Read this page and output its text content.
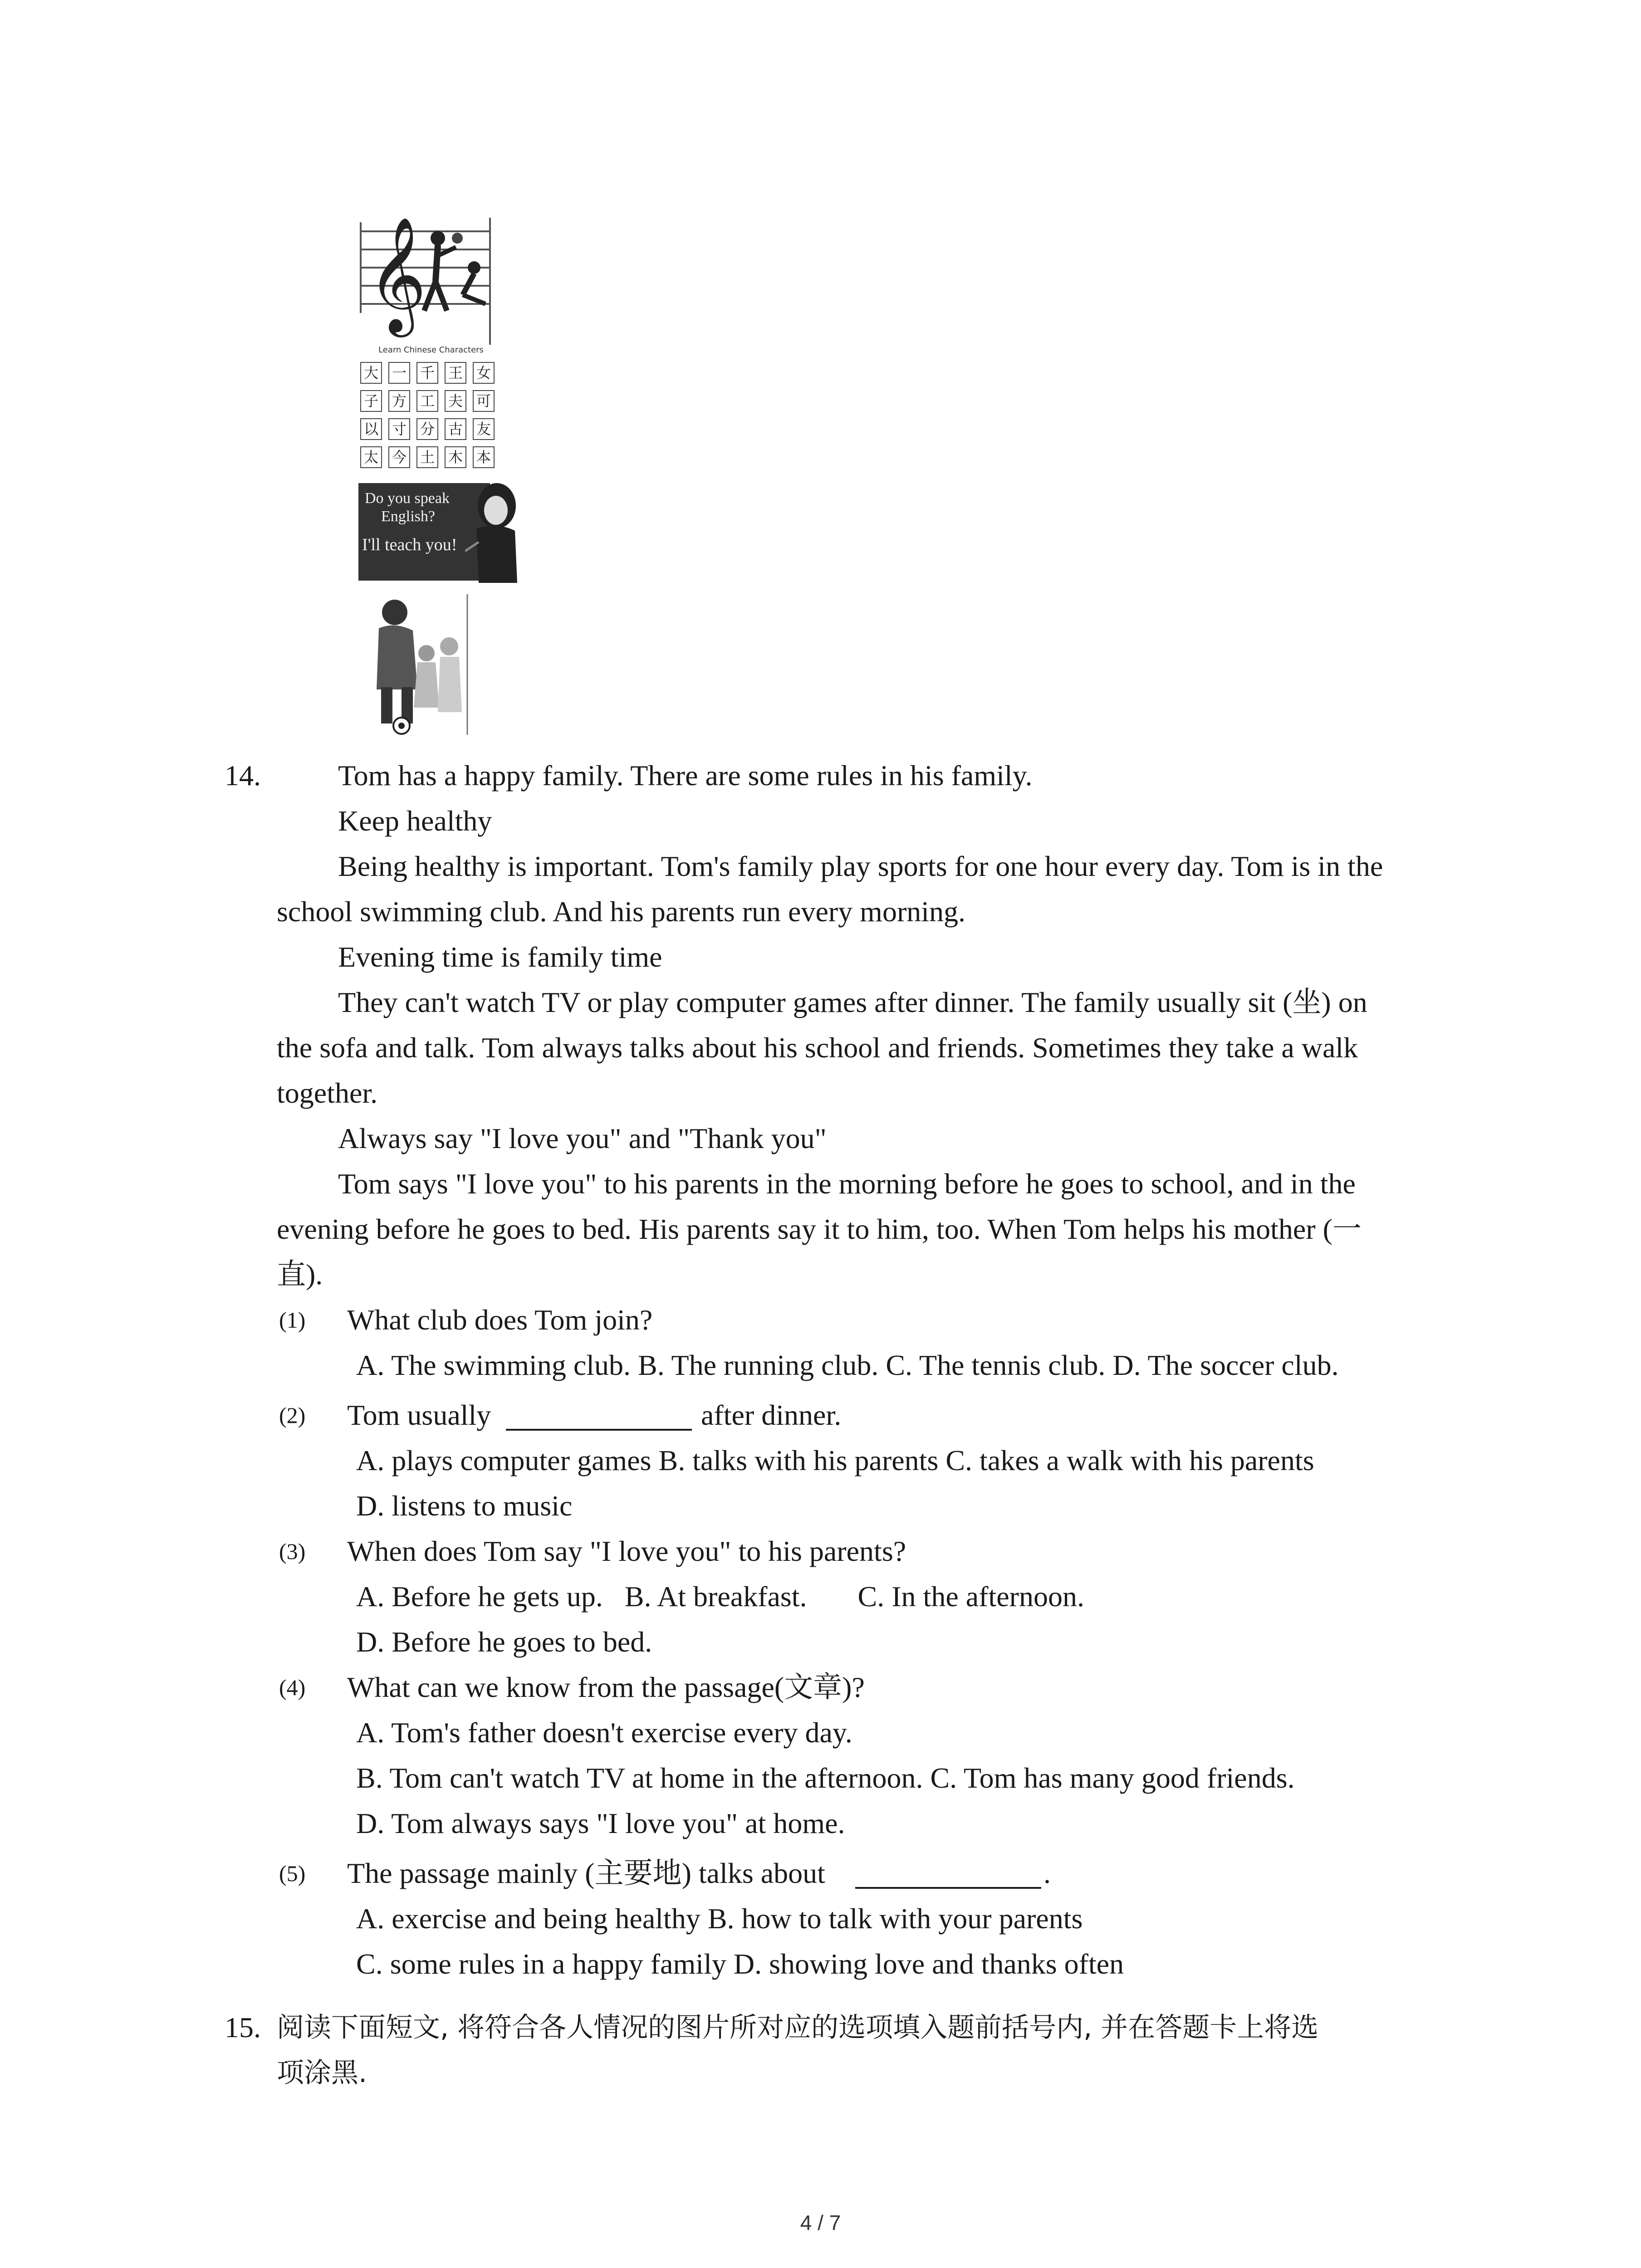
𝄞
Learn Chinese Characters
大 一 千 王 女
子 方 工 夫 可
以 寸 分 古 友
太 今 土 木 本
Do you speak
English?
I'll teach you!
14.	Tom has a happy family. There are some rules in his family.
Keep healthy
Being healthy is important. Tom's family play sports for one hour every day. Tom is in the
school swimming club. And his parents run every morning.
Evening time is family time
They can't watch TV or play computer games after dinner. The family usually sit (坐) on
the sofa and talk. Tom always talks about his school and friends. Sometimes they take a walk
together.
Always say "I love you" and "Thank you"
Tom says "I love you" to his parents in the morning before he goes to school, and in the
evening before he goes to bed. His parents say it to him, too. When Tom helps his mother (一
直).
(1) What club does Tom join?
A. The swimming club. B. The running club. C. The tennis club. D. The soccer club.
(2) Tom usually	after dinner.
A. plays computer games B. talks with his parents C. takes a walk with his parents
D. listens to music
(3) When does Tom say "I love you" to his parents?
A. Before he gets up.   B. At breakfast.       C. In the afternoon.
D. Before he goes to bed.
(4) What can we know from the passage(文章)?
A. Tom's father doesn't exercise every day.
B. Tom can't watch TV at home in the afternoon. C. Tom has many good friends.
D. Tom always says "I love you" at home.
(5) The passage mainly (主要地) talks about	.
A. exercise and being healthy B. how to talk with your parents
C. some rules in a happy family D. showing love and thanks often
15. 阅读下面短文, 将符合各人情况的图片所对应的选项填入题前括号内, 并在答题卡上将选
项涂黑.
4 / 7
